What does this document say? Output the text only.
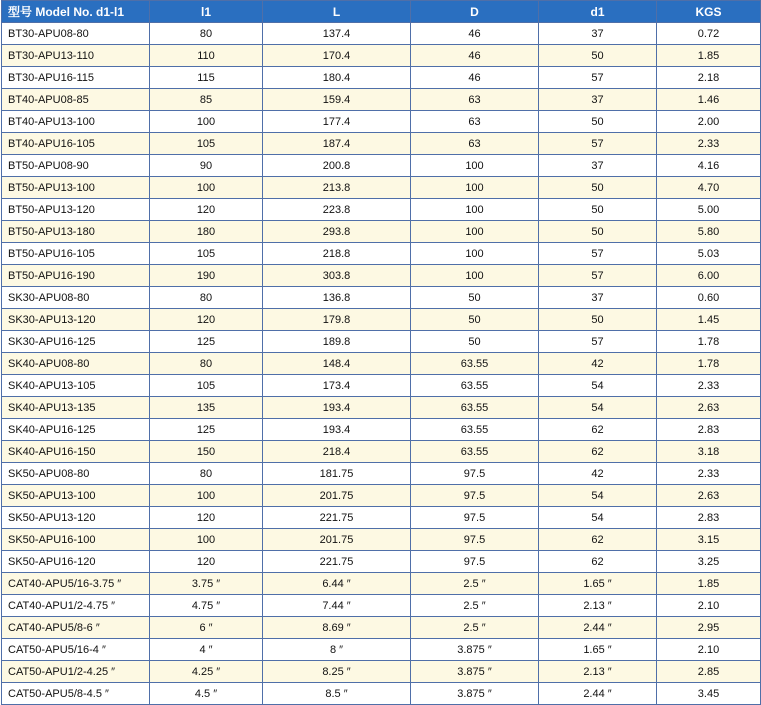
型号 Model No. d1-l1	l1	L	D	d1	KGS
BT30-APU08-80	80	137.4	46	37	0.72
BT30-APU13-110	110	170.4	46	50	1.85
BT30-APU16-115	115	180.4	46	57	2.18
BT40-APU08-85	85	159.4	63	37	1.46
BT40-APU13-100	100	177.4	63	50	2.00
BT40-APU16-105	105	187.4	63	57	2.33
BT50-APU08-90	90	200.8	100	37	4.16
BT50-APU13-100	100	213.8	100	50	4.70
BT50-APU13-120	120	223.8	100	50	5.00
BT50-APU13-180	180	293.8	100	50	5.80
BT50-APU16-105	105	218.8	100	57	5.03
BT50-APU16-190	190	303.8	100	57	6.00
SK30-APU08-80	80	136.8	50	37	0.60
SK30-APU13-120	120	179.8	50	50	1.45
SK30-APU16-125	125	189.8	50	57	1.78
SK40-APU08-80	80	148.4	63.55	42	1.78
SK40-APU13-105	105	173.4	63.55	54	2.33
SK40-APU13-135	135	193.4	63.55	54	2.63
SK40-APU16-125	125	193.4	63.55	62	2.83
SK40-APU16-150	150	218.4	63.55	62	3.18
SK50-APU08-80	80	181.75	97.5	42	2.33
SK50-APU13-100	100	201.75	97.5	54	2.63
SK50-APU13-120	120	221.75	97.5	54	2.83
SK50-APU16-100	100	201.75	97.5	62	3.15
SK50-APU16-120	120	221.75	97.5	62	3.25
CAT40-APU5/16-3.75 ″	3.75 ″	6.44 ″	2.5 ″	1.65 ″	1.85
CAT40-APU1/2-4.75 ″	4.75 ″	7.44 ″	2.5 ″	2.13 ″	2.10
CAT40-APU5/8-6 ″	6 ″	8.69 ″	2.5 ″	2.44 ″	2.95
CAT50-APU5/16-4 ″	4 ″	8 ″	3.875 ″	1.65 ″	2.10
CAT50-APU1/2-4.25 ″	4.25 ″	8.25 ″	3.875 ″	2.13 ″	2.85
CAT50-APU5/8-4.5 ″	4.5 ″	8.5 ″	3.875 ″	2.44 ″	3.45
